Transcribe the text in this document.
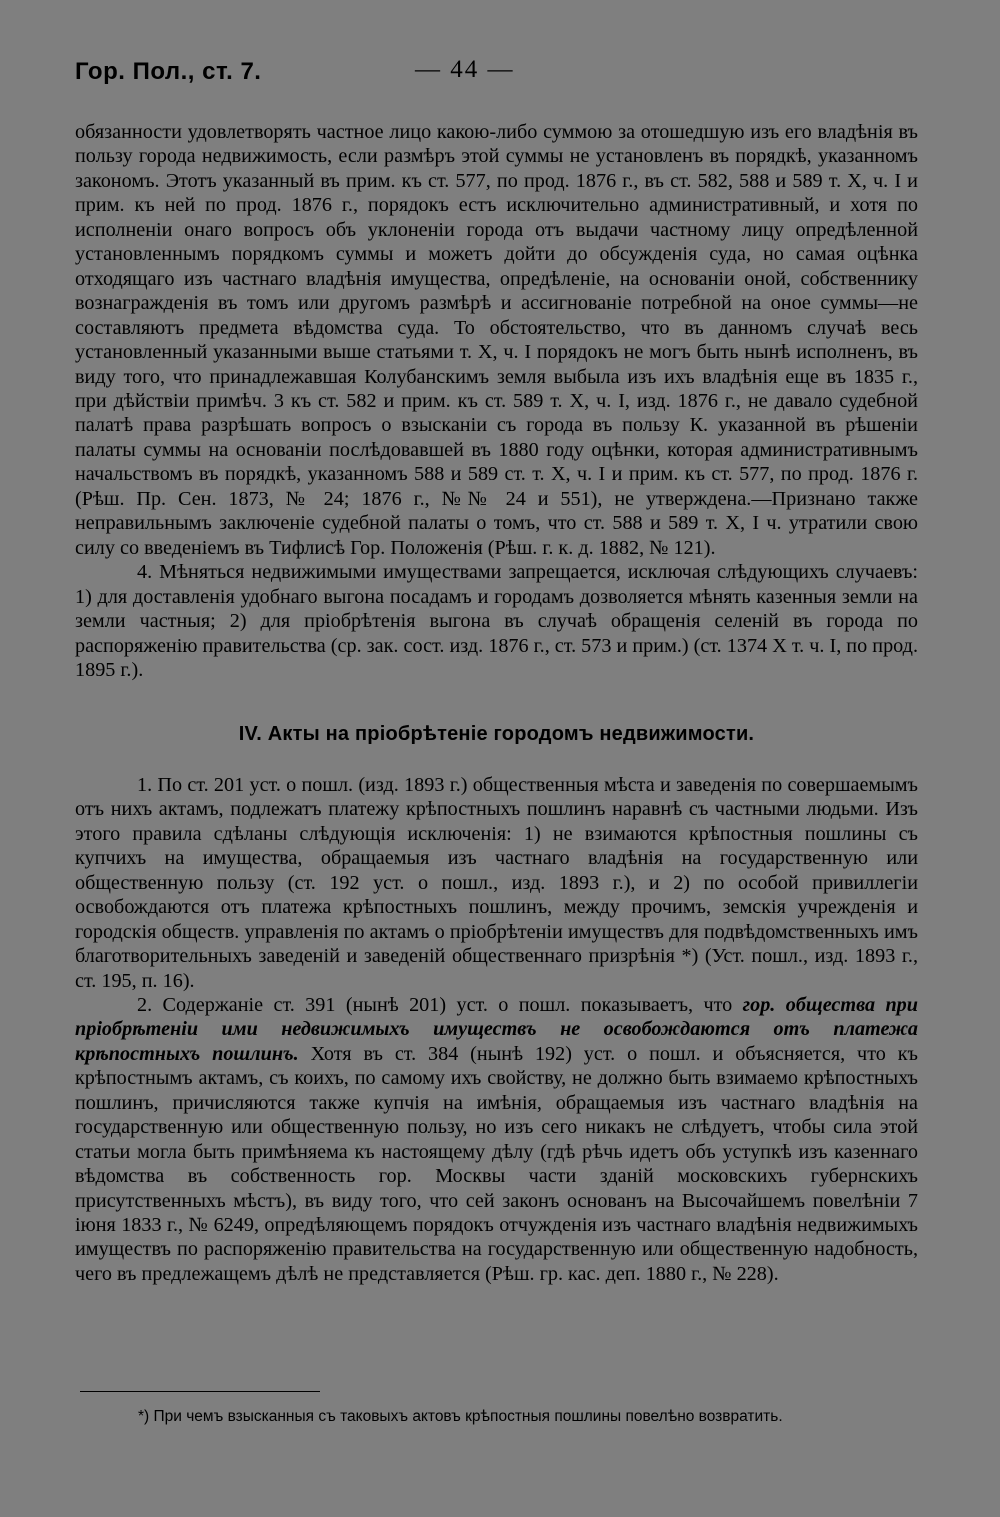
Гор. Пол., ст. 7.	— 44 —

обязанности удовлетворять частное лицо какою-либо суммою за отошедшую изъ его владѣнія въ пользу города недвижимость, если размѣръ этой суммы не установленъ въ порядкѣ, указанномъ закономъ. Этотъ указанный въ прим. къ ст. 577, по прод. 1876 г., въ ст. 582, 588 и 589 т. X, ч. I и прим. къ ней по прод. 1876 г., порядокъ естъ исключительно административный, и хотя по исполненіи онаго вопросъ объ уклоненіи города отъ выдачи частному лицу опредѣленной установленнымъ порядкомъ суммы и можетъ дойти до обсужденія суда, но самая оцѣнка отходящаго изъ частнаго владѣнія имущества, опредѣленіе, на основаніи оной, собственнику вознагражденія въ томъ или другомъ размѣрѣ и ассигнованіе потребной на оное суммы—не составляютъ предмета вѣдомства суда. То обстоятельство, что въ данномъ случаѣ весь установленный указанными выше статьями т. X, ч. I порядокъ не могъ быть нынѣ исполненъ, въ виду того, что принадлежавшая Колубанскимъ земля выбыла изъ ихъ владѣнія еще въ 1835 г., при дѣйствіи примѣч. 3 къ ст. 582 и прим. къ ст. 589 т. X, ч. I, изд. 1876 г., не давало судебной палатѣ права разрѣшать вопросъ о взысканіи съ города въ пользу К. указанной въ рѣшеніи палаты суммы на основаніи послѣдовавшей въ 1880 году оцѣнки, которая административнымъ начальствомъ въ порядкѣ, указанномъ 588 и 589 ст. т. X, ч. I и прим. къ ст. 577, по прод. 1876 г. (Рѣш. Пр. Сен. 1873, № 24; 1876 г., №№ 24 и 551), не утверждена.—Признано также неправильнымъ заключеніе судебной палаты о томъ, что ст. 588 и 589 т. X, I ч. утратили свою силу со введеніемъ въ Тифлисѣ Гор. Положенія (Рѣш. г. к. д. 1882, № 121).

4. Мѣняться недвижимыми имуществами запрещается, исключая слѣдующихъ случаевъ: 1) для доставленія удобнаго выгона посадамъ и городамъ дозволяется мѣнять казенныя земли на земли частныя; 2) для пріобрѣтенія выгона въ случаѣ обращенія селеній въ города по распоряженію правительства (ср. зак. сост. изд. 1876 г., ст. 573 и прим.) (ст. 1374 X т. ч. I, по прод. 1895 г.).

IV. Акты на пріобрѣтеніе городомъ недвижимости.

1. По ст. 201 уст. о пошл. (изд. 1893 г.) общественныя мѣста и заведенія по совершаемымъ отъ нихъ актамъ, подлежатъ платежу крѣпостныхъ пошлинъ наравнѣ съ частными людьми. Изъ этого правила сдѣланы слѣдующія исключенія: 1) не взимаются крѣпостныя пошлины съ купчихъ на имущества, обращаемыя изъ частнаго владѣнія на государственную или общественную пользу (ст. 192 уст. о пошл., изд. 1893 г.), и 2) по особой привиллегіи освобождаются отъ платежа крѣпостныхъ пошлинъ, между прочимъ, земскія учрежденія и городскія обществ. управленія по актамъ о пріобрѣтеніи имуществъ для подвѣдомственныхъ имъ благотворительныхъ заведеній и заведеній общественнаго призрѣнія *) (Уст. пошл., изд. 1893 г., ст. 195, п. 16).

2. Содержаніе ст. 391 (нынѣ 201) уст. о пошл. показываетъ, что гор. общества при пріобрѣтеніи ими недвижимыхъ имуществъ не освобождаются отъ платежа крѣпостныхъ пошлинъ. Хотя въ ст. 384 (нынѣ 192) уст. о пошл. и объясняется, что къ крѣпостнымъ актамъ, съ коихъ, по самому ихъ свойству, не должно быть взимаемо крѣпостныхъ пошлинъ, причисляются также купчія на имѣнія, обращаемыя изъ частнаго владѣнія на государственную или общественную пользу, но изъ сего никакъ не слѣдуетъ, чтобы сила этой статьи могла быть примѣняема къ настоящему дѣлу (гдѣ рѣчь идетъ объ уступкѣ изъ казеннаго вѣдомства въ собственность гор. Москвы части зданій московскихъ губернскихъ присутственныхъ мѣстъ), въ виду того, что сей законъ основанъ на Высочайшемъ повелѣніи 7 іюня 1833 г., № 6249, опредѣляющемъ порядокъ отчужденія изъ частнаго владѣнія недвижимыхъ имуществъ по распоряженію правительства на государственную или общественную надобность, чего въ предлежащемъ дѣлѣ не представляется (Рѣш. гр. кас. деп. 1880 г., № 228).

*) При чемъ взысканныя съ таковыхъ актовъ крѣпостныя пошлины повелѣно возвратить.
